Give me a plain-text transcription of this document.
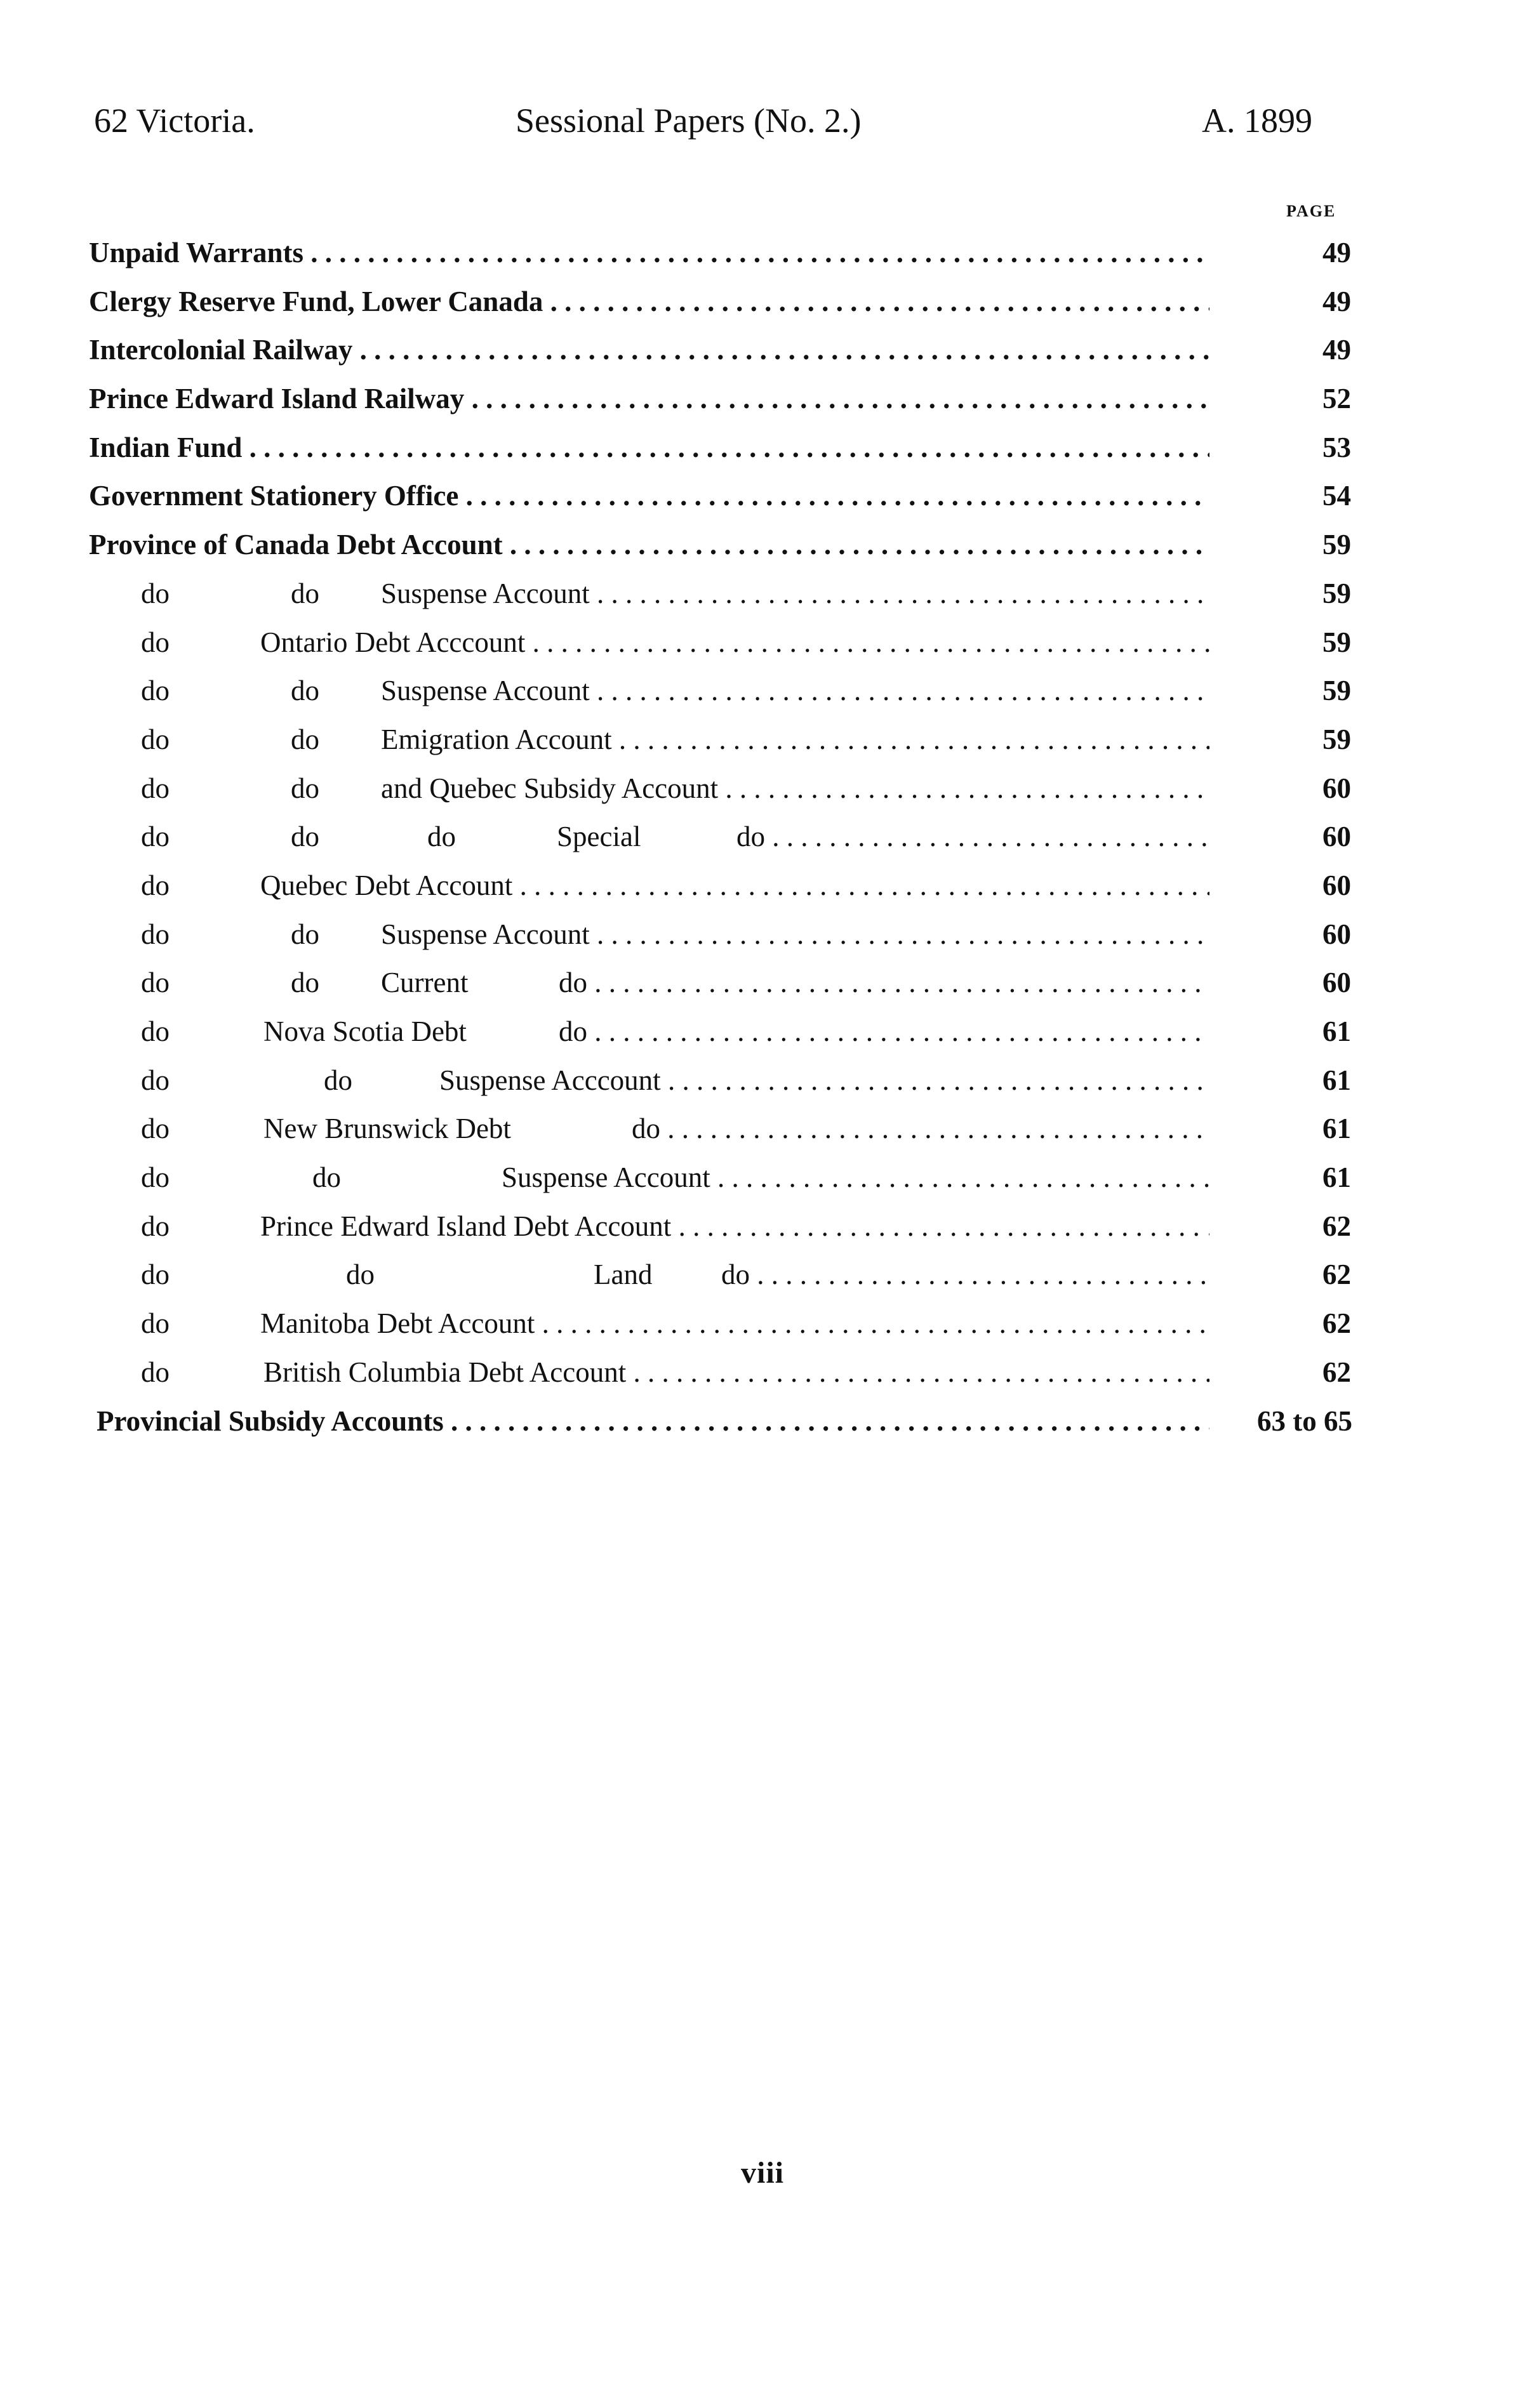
62 Victoria.	Sessional Papers (No. 2.)	A. 1899
PAGE
Unpaid Warrants . . .	49
Clergy Reserve Fund, Lower Canada . . .	49
Intercolonial Railway . . .	49
Prince Edward Island Railway . . .	52
Indian Fund . . .	53
Government Stationery Office . . .	54
Province of Canada Debt Account . . .	59
do	do Suspense Account . . .	59
do	Ontario Debt Acccount . . .	59
do	do Suspense Account . . .	59
do	do Emigration Account . . .	59
do	do and Quebec Subsidy Account . . .	60
do	do	do	Special	do . . .	60
do	Quebec Debt Account . . .	60
do	do Suspense Account . . .	60
do	do Current	do . . .	60
do	Nova Scotia Debt	do . . .	61
do	do	Suspense Acccount . . .	61
do	New Brunswick Debt	do . . .	61
do	do	Suspense Account . . .	61
do	Prince Edward Island Debt Account . . .	62
do	do	Land do . . .	62
do	Manitoba Debt Account . . .	62
do	British Columbia Debt Account . . .	62
Provincial Subsidy Accounts . . .	63 to 65
viii
